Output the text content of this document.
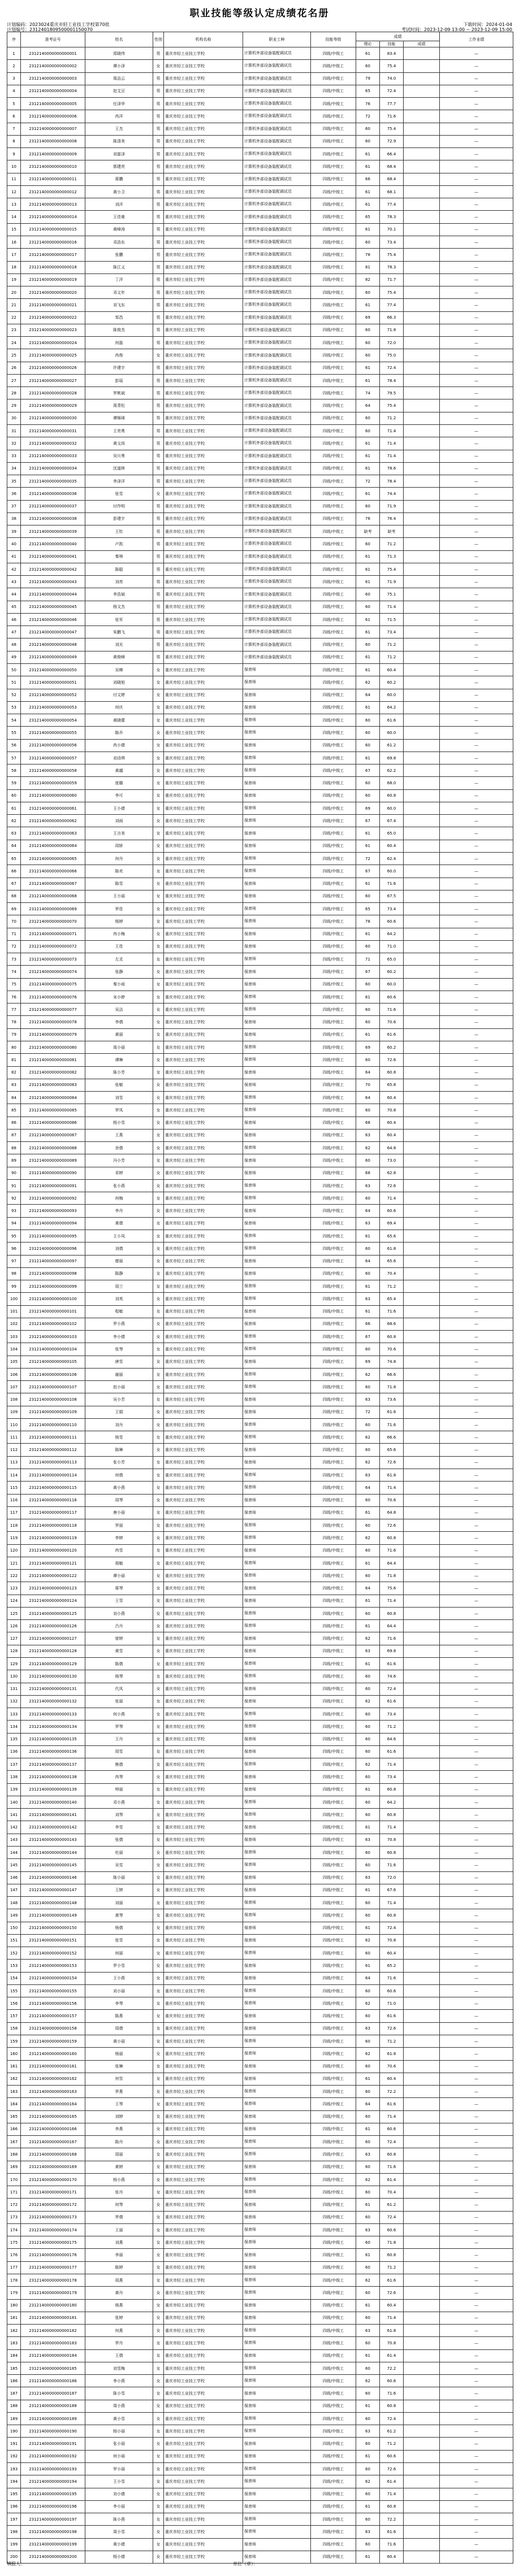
职业技能等级认定成绩花名册
计划编码：2023024重庆市轻工业技工学校第70批	下载时间：2024-01-04
计划编号：2312401809500001150070	考试时间：2023-12-09 13:00 ~ 2023-12-09 15:00
序	准考证号	姓名	性别	机构名称	职业工种	技能等级	成绩			工作业绩
							理论	技能	成绩	
1	2312140000000000001	郑晓伟	男	重庆市轻工业技工学校	计算机外部设备装配调试员	四级/中级工	61	83.4		—
2	2312140000000000002	谭小泽	女	重庆市轻工业技工学校	计算机外部设备装配调试员	四级/中级工	60	75.4		—
3	2312140000000000003	周品云	男	重庆市轻工业技工学校	计算机外部设备装配调试员	四级/中级工	79	74.0		—
4	2312140000000000004	赵艾豆	男	重庆市轻工业技工学校	计算机外部设备装配调试员	四级/中级工	65	72.4		—
5	2312140000000000005	任泽华	男	重庆市轻工业技工学校	计算机外部设备装配调试员	四级/中级工	76	77.7		—
6	2312140000000000006	冉洋	男	重庆市轻工业技工学校	计算机外部设备装配调试员	四级/中级工	72	71.6		—
7	2312140000000000007	王杰	男	重庆市轻工业技工学校	计算机外部设备装配调试员	四级/中级工	60	75.4		—
8	2312140000000000008	陈清美	男	重庆市轻工业技工学校	计算机外部设备装配调试员	四级/中级工	60	72.9		—
9	2312140000000000009	刘富泽	男	重庆市轻工业技工学校	计算机外部设备装配调试员	四级/中级工	61	66.4		—
10	2312140000000000010	郭建亮	男	重庆市轻工业技工学校	计算机外部设备装配调试员	四级/中级工	61	68.4		—
11	2312140000000000011	蒋鹏	男	重庆市轻工业技工学校	计算机外部设备装配调试员	四级/中级工	66	68.4		—
12	2312140000000000012	黄小卫	男	重庆市轻工业技工学校	计算机外部设备装配调试员	四级/中级工	61	68.1		—
13	2312140000000000013	刘洋	男	重庆市轻工业技工学校	计算机外部设备装配调试员	四级/中级工	61	77.4		—
14	2312140000000000014	王佳豪	男	重庆市轻工业技工学校	计算机外部设备装配调试员	四级/中级工	65	78.3		—
15	2312140000000000015	黄峰涛	男	重庆市轻工业技工学校	计算机外部设备装配调试员	四级/中级工	61	70.1		—
16	2312140000000000016	邓浩东	男	重庆市轻工业技工学校	计算机外部设备装配调试员	四级/中级工	60	73.4		—
17	2312140000000000017	张鹏	男	重庆市轻工业技工学校	计算机外部设备装配调试员	四级/中级工	78	75.4		—
18	2312140000000000018	陈江义	男	重庆市轻工业技工学校	计算机外部设备装配调试员	四级/中级工	81	78.3		—
19	2312140000000000019	丁洋	男	重庆市轻工业技工学校	计算机外部设备装配调试员	四级/中级工	82	71.7		—
20	2312140000000000020	邓文年	男	重庆市轻工业技工学校	计算机外部设备装配调试员	四级/中级工	60	75.4		—
21	2312140000000000021	刘飞东	男	重庆市轻工业技工学校	计算机外部设备装配调试员	四级/中级工	61	77.4		—
22	2312140000000000022	邹昌	男	重庆市轻工业技工学校	计算机外部设备装配调试员	四级/中级工	69	66.3		—
23	2312140000000000023	陈俊杰	男	重庆市轻工业技工学校	计算机外部设备装配调试员	四级/中级工	60	71.8		—
24	2312140000000000024	何磊	男	重庆市轻工业技工学校	计算机外部设备装配调试员	四级/中级工	60	72.0		—
25	2312140000000000025	冉俊	女	重庆市轻工业技工学校	计算机外部设备装配调试员	四级/中级工	60	75.0		—
26	2312140000000000026	许建宇	男	重庆市轻工业技工学校	计算机外部设备装配调试员	四级/中级工	61	72.4		—
27	2312140000000000027	彭瑶	男	重庆市轻工业技工学校	计算机外部设备装配调试员	四级/中级工	61	78.4		—
28	2312140000000000028	罗桃斌	男	重庆市轻工业技工学校	计算机外部设备装配调试员	四级/中级工	74	79.5		—
29	2312140000000000029	周青松	男	重庆市轻工业技工学校	计算机外部设备装配调试员	四级/中级工	64	75.4		—
30	2312140000000000030	谭锦琦	男	重庆市轻工业技工学校	计算机外部设备装配调试员	四级/中级工	60	71.2		—
31	2312140000000000031	王亮勇	男	重庆市轻工业技工学校	计算机外部设备装配调试员	四级/中级工	60	71.4		—
32	2312140000000000032	黄文尚	男	重庆市轻工业技工学校	计算机外部设备装配调试员	四级/中级工	61	71.4		—
33	2312140000000000033	吴川勇	男	重庆市轻工业技工学校	计算机外部设备装配调试员	四级/中级工	61	71.4		—
34	2312140000000000034	沈道林	男	重庆市轻工业技工学校	计算机外部设备装配调试员	四级/中级工	61	78.6		—
35	2312140000000000035	李泽洋	男	重庆市轻工业技工学校	计算机外部设备装配调试员	四级/中级工	72	78.4		—
36	2312140000000000036	张雪	女	重庆市轻工业技工学校	计算机外部设备装配调试员	四级/中级工	61	74.4		—
37	2312140000000000037	付作明	男	重庆市轻工业技工学校	计算机外部设备装配调试员	四级/中级工	60	71.9		—
38	2312140000000000038	彭建宇	男	重庆市轻工业技工学校	计算机外部设备装配调试员	四级/中级工	76	76.4		—
39	2312140000000000039	王钦	男	重庆市轻工业技工学校	计算机外部设备装配调试员	四级/中级工	缺考	缺考		—
40	2312140000000000040	卢凯	男	重庆市轻工业技工学校	计算机外部设备装配调试员	四级/中级工	60	71.2		—
41	2312140000000000041	秦林	男	重庆市轻工业技工学校	计算机外部设备装配调试员	四级/中级工	61	71.3		—
42	2312140000000000042	陈聪	男	重庆市轻工业技工学校	计算机外部设备装配调试员	四级/中级工	61	75.4		—
43	2312140000000000043	刘亮	男	重庆市轻工业技工学校	计算机外部设备装配调试员	四级/中级工	61	71.9		—
44	2312140000000000044	李浩斌	男	重庆市轻工业技工学校	计算机外部设备装配调试员	四级/中级工	60	75.1		—
45	2312140000000000045	杨文杰	男	重庆市轻工业技工学校	计算机外部设备装配调试员	四级/中级工	60	71.4		—
46	2312140000000000046	张军	男	重庆市轻工业技工学校	计算机外部设备装配调试员	四级/中级工	61	71.5		—
47	2312140000000000047	朱鹏飞	男	重庆市轻工业技工学校	计算机外部设备装配调试员	四级/中级工	61	73.4		—
48	2312140000000000048	刘光	男	重庆市轻工业技工学校	计算机外部设备装配调试员	四级/中级工	60	71.2		—
49	2312140000000000049	黄俊峰	男	重庆市轻工业技工学校	计算机外部设备装配调试员	四级/中级工	61	71.2		—
50	2312140000000000050	吴柳	女	重庆市轻工业技工学校	保育师	四级/中级工	61	60.4		—
51	2312140000000000051	刘晓旭	女	重庆市轻工业技工学校	保育师	四级/中级工	62	60.2		—
52	2312140000000000052	付文婷	女	重庆市轻工业技工学校	保育师	四级/中级工	64	60.0		—
53	2312140000000000053	何庆	女	重庆市轻工业技工学校	保育师	四级/中级工	61	64.2		—
54	2312140000000000054	黄晓蕾	女	重庆市轻工业技工学校	保育师	四级/中级工	60	61.6		—
55	2312140000000000055	陈乔	女	重庆市轻工业技工学校	保育师	四级/中级工	60	60.0		—
56	2312140000000000056	冉小倩	女	重庆市轻工业技工学校	保育师	四级/中级工	60	61.2		—
57	2312140000000000057	刘诗琪	女	重庆市轻工业技工学校	保育师	四级/中级工	61	69.8		—
58	2312140000000000058	黄越	女	重庆市轻工业技工学校	保育师	四级/中级工	67	62.2		—
59	2312140000000000059	庞璐	女	重庆市轻工业技工学校	保育师	四级/中级工	60	68.0		—
60	2312140000000000060	李可	女	重庆市轻工业技工学校	保育师	四级/中级工	60	60.8		—
61	2312140000000000061	王小倩	女	重庆市轻工业技工学校	保育师	四级/中级工	69	60.0		—
62	2312140000000000062	刘雨	女	重庆市轻工业技工学校	保育师	四级/中级工	67	67.4		—
63	2312140000000000063	王言美	女	重庆市轻工业技工学校	保育师	四级/中级工	61	65.0		—
64	2312140000000000064	周娇	女	重庆市轻工业技工学校	保育师	四级/中级工	61	60.4		—
65	2312140000000000065	何丹	女	重庆市轻工业技工学校	保育师	四级/中级工	72	62.4		—
66	2312140000000000066	陈欢	女	重庆市轻工业技工学校	保育师	四级/中级工	67	60.0		—
67	2312140000000000067	陈雪	女	重庆市轻工业技工学校	保育师	四级/中级工	61	71.6		—
68	2312140000000000068	王小丽	女	重庆市轻工业技工学校	保育师	四级/中级工	60	67.5		—
69	2312140000000000069	罗佳	女	重庆市轻工业技工学校	保育师	四级/中级工	65	73.4		—
70	2312140000000000070	杨婷	女	重庆市轻工业技工学校	保育师	四级/中级工	78	60.6		—
71	2312140000000000071	冉小梅	女	重庆市轻工业技工学校	保育师	四级/中级工	61	64.2		—
72	2312140000000000072	王佳	女	重庆市轻工业技工学校	保育师	四级/中级工	60	71.0		—
73	2312140000000000073	左灵	女	重庆市轻工业技工学校	保育师	四级/中级工	71	65.0		—
74	2312140000000000074	张静	女	重庆市轻工业技工学校	保育师	四级/中级工	67	60.2		—
75	2312140000000000075	秦小雨	女	重庆市轻工业技工学校	保育师	四级/中级工	60	60.0		—
76	2312140000000000076	宋小婷	女	重庆市轻工业技工学校	保育师	四级/中级工	61	60.6		—
77	2312140000000000077	吴洁	女	重庆市轻工业技工学校	保育师	四级/中级工	60	71.6		—
78	2312140000000000078	李倩	女	重庆市轻工业技工学校	保育师	四级/中级工	60	70.6		—
79	2312140000000000079	黄丽	女	重庆市轻工业技工学校	保育师	四级/中级工	61	61.6		—
80	2312140000000000080	周小丽	女	重庆市轻工业技工学校	保育师	四级/中级工	69	60.2		—
81	2312140000000000081	谭琳	女	重庆市轻工业技工学校	保育师	四级/中级工	60	72.6		—
82	2312140000000000082	陈小芳	女	重庆市轻工业技工学校	保育师	四级/中级工	64	60.8		—
83	2312140000000000083	张敏	女	重庆市轻工业技工学校	保育师	四级/中级工	70	65.8		—
84	2312140000000000084	刘雪	女	重庆市轻工业技工学校	保育师	四级/中级工	64	60.4		—
85	2312140000000000085	罗凤	女	重庆市轻工业技工学校	保育师	四级/中级工	60	70.8		—
86	2312140000000000086	杨小雪	女	重庆市轻工业技工学校	保育师	四级/中级工	68	60.4		—
87	2312140000000000087	王燕	女	重庆市轻工业技工学校	保育师	四级/中级工	63	60.4		—
88	2312140000000000088	余倩	女	重庆市轻工业技工学校	保育师	四级/中级工	62	64.8		—
89	2312140000000000089	冯小芳	女	重庆市轻工业技工学校	保育师	四级/中级工	60	73.0		—
90	2312140000000000090	邓婷	女	重庆市轻工业技工学校	保育师	四级/中级工	68	62.8		—
91	2312140000000000091	张小燕	女	重庆市轻工业技工学校	保育师	四级/中级工	63	72.6		—
92	2312140000000000092	何梅	女	重庆市轻工业技工学校	保育师	四级/中级工	60	71.4		—
93	2312140000000000093	李丹	女	重庆市轻工业技工学校	保育师	四级/中级工	64	60.6		—
94	2312140000000000094	黄倩	女	重庆市轻工业技工学校	保育师	四级/中级工	63	69.4		—
95	2312140000000000095	王小凤	女	重庆市轻工业技工学校	保育师	四级/中级工	61	65.6		—
96	2312140000000000096	刘倩	女	重庆市轻工业技工学校	保育师	四级/中级工	60	61.8		—
97	2312140000000000097	廖丽	女	重庆市轻工业技工学校	保育师	四级/中级工	64	65.6		—
98	2312140000000000098	陈静	女	重庆市轻工业技工学校	保育师	四级/中级工	60	70.4		—
99	2312140000000000099	周兰	女	重庆市轻工业技工学校	保育师	四级/中级工	61	71.2		—
100	2312140000000000100	刘英	女	重庆市轻工业技工学校	保育师	四级/中级工	63	65.4		—
101	2312140000000000101	程敏	女	重庆市轻工业技工学校	保育师	四级/中级工	61	71.6		—
102	2312140000000000102	罗小燕	女	重庆市轻工业技工学校	保育师	四级/中级工	66	68.6		—
103	2312140000000000103	李小倩	女	重庆市轻工业技工学校	保育师	四级/中级工	67	60.8		—
104	2312140000000000104	张琴	女	重庆市轻工业技工学校	保育师	四级/中级工	60	70.6		—
105	2312140000000000105	唐雪	女	重庆市轻工业技工学校	保育师	四级/中级工	69	74.8		—
106	2312140000000000106	谢丽	女	重庆市轻工业技工学校	保育师	四级/中级工	62	66.6		—
107	2312140000000000107	赵小丽	女	重庆市轻工业技工学校	保育师	四级/中级工	60	71.8		—
108	2312140000000000108	吴小芳	女	重庆市轻工业技工学校	保育师	四级/中级工	63	73.6		—
109	2312140000000000109	王娟	女	重庆市轻工业技工学校	保育师	四级/中级工	72	61.6		—
110	2312140000000000110	刘丹	女	重庆市轻工业技工学校	保育师	四级/中级工	60	71.6		—
111	2312140000000000111	杨雪	女	重庆市轻工业技工学校	保育师	四级/中级工	62	66.6		—
112	2312140000000000112	陈琳	女	重庆市轻工业技工学校	保育师	四级/中级工	60	65.6		—
113	2312140000000000113	张小芳	女	重庆市轻工业技工学校	保育师	四级/中级工	62	72.6		—
114	2312140000000000114	何倩	女	重庆市轻工业技工学校	保育师	四级/中级工	63	61.8		—
115	2312140000000000115	黄小燕	女	重庆市轻工业技工学校	保育师	四级/中级工	64	71.4		—
116	2312140000000000116	周琴	女	重庆市轻工业技工学校	保育师	四级/中级工	60	70.6		—
117	2312140000000000117	唐小丽	女	重庆市轻工业技工学校	保育师	四级/中级工	61	64.8		—
118	2312140000000000118	罗丽	女	重庆市轻工业技工学校	保育师	四级/中级工	60	72.6		—
119	2312140000000000119	李婷	女	重庆市轻工业技工学校	保育师	四级/中级工	62	60.8		—
120	2312140000000000120	冉雪	女	重庆市轻工业技工学校	保育师	四级/中级工	60	71.6		—
121	2312140000000000121	胡敏	女	重庆市轻工业技工学校	保育师	四级/中级工	61	64.4		—
122	2312140000000000122	谭小丽	女	重庆市轻工业技工学校	保育师	四级/中级工	60	71.8		—
123	2312140000000000123	蒋琴	女	重庆市轻工业技工学校	保育师	四级/中级工	64	75.6		—
124	2312140000000000124	王雪	女	重庆市轻工业技工学校	保育师	四级/中级工	61	71.4		—
125	2312140000000000125	刘小燕	女	重庆市轻工业技工学校	保育师	四级/中级工	60	60.8		—
126	2312140000000000126	吕丹	女	重庆市轻工业技工学校	保育师	四级/中级工	61	64.4		—
127	2312140000000000127	曾婷	女	重庆市轻工业技工学校	保育师	四级/中级工	62	71.6		—
128	2312140000000000128	黄雪	女	重庆市轻工业技工学校	保育师	四级/中级工	63	69.8		—
129	2312140000000000129	陈倩	女	重庆市轻工业技工学校	保育师	四级/中级工	61	61.6		—
130	2312140000000000130	杨琴	女	重庆市轻工业技工学校	保育师	四级/中级工	60	74.6		—
131	2312140000000000131	代凤	女	重庆市轻工业技工学校	保育师	四级/中级工	60	72.4		—
132	2312140000000000132	张丽	女	重庆市轻工业技工学校	保育师	四级/中级工	62	61.6		—
133	2312140000000000133	何小燕	女	重庆市轻工业技工学校	保育师	四级/中级工	60	73.4		—
134	2312140000000000134	罗琴	女	重庆市轻工业技工学校	保育师	四级/中级工	60	71.2		—
135	2312140000000000135	王丹	女	重庆市轻工业技工学校	保育师	四级/中级工	60	64.6		—
136	2312140000000000136	周雪	女	重庆市轻工业技工学校	保育师	四级/中级工	60	61.6		—
137	2312140000000000137	熊倩	女	重庆市轻工业技工学校	保育师	四级/中级工	62	71.4		—
138	2312140000000000138	冉琴	女	重庆市轻工业技工学校	保育师	四级/中级工	60	73.4		—
139	2312140000000000139	钟丽	女	重庆市轻工业技工学校	保育师	四级/中级工	61	60.8		—
140	2312140000000000140	邓小燕	女	重庆市轻工业技工学校	保育师	四级/中级工	60	64.2		—
141	2312140000000000141	刘琴	女	重庆市轻工业技工学校	保育师	四级/中级工	60	60.8		—
142	2312140000000000142	李雪	女	重庆市轻工业技工学校	保育师	四级/中级工	61	71.4		—
143	2312140000000000143	张倩	女	重庆市轻工业技工学校	保育师	四级/中级工	63	70.8		—
144	2312140000000000144	杜丽	女	重庆市轻工业技工学校	保育师	四级/中级工	60	60.8		—
145	2312140000000000145	吴雪	女	重庆市轻工业技工学校	保育师	四级/中级工	60	71.6		—
146	2312140000000000146	陈小丽	女	重庆市轻工业技工学校	保育师	四级/中级工	63	72.0		—
147	2312140000000000147	王婷	女	重庆市轻工业技工学校	保育师	四级/中级工	61	67.6		—
148	2312140000000000148	刘丽	女	重庆市轻工业技工学校	保育师	四级/中级工	60	71.4		—
149	2312140000000000149	黄琴	女	重庆市轻工业技工学校	保育师	四级/中级工	60	60.8		—
150	2312140000000000150	杨倩	女	重庆市轻工业技工学校	保育师	四级/中级工	61	72.4		—
151	2312140000000000151	张雪	女	重庆市轻工业技工学校	保育师	四级/中级工	62	70.8		—
152	2312140000000000152	何丽	女	重庆市轻工业技工学校	保育师	四级/中级工	60	60.4		—
153	2312140000000000153	罗小雪	女	重庆市轻工业技工学校	保育师	四级/中级工	61	65.2		—
154	2312140000000000154	王小燕	女	重庆市轻工业技工学校	保育师	四级/中级工	64	71.6		—
155	2312140000000000155	刘小丽	女	重庆市轻工业技工学校	保育师	四级/中级工	60	60.6		—
156	2312140000000000156	李琴	女	重庆市轻工业技工学校	保育师	四级/中级工	62	71.0		—
157	2312140000000000157	陈燕	女	重庆市轻工业技工学校	保育师	四级/中级工	60	61.6		—
158	2312140000000000158	周倩	女	重庆市轻工业技工学校	保育师	四级/中级工	63	72.6		—
159	2312140000000000159	黄小丽	女	重庆市轻工业技工学校	保育师	四级/中级工	60	71.2		—
160	2312140000000000160	杨丽	女	重庆市轻工业技工学校	保育师	四级/中级工	62	61.8		—
161	2312140000000000161	张琳	女	重庆市轻工业技工学校	保育师	四级/中级工	60	70.6		—
162	2312140000000000162	何雪	女	重庆市轻工业技工学校	保育师	四级/中级工	61	60.4		—
163	2312140000000000163	罗燕	女	重庆市轻工业技工学校	保育师	四级/中级工	60	72.2		—
164	2312140000000000164	王琴	女	重庆市轻工业技工学校	保育师	四级/中级工	64	61.6		—
165	2312140000000000165	刘婷	女	重庆市轻工业技工学校	保育师	四级/中级工	60	71.4		—
166	2312140000000000166	李燕	女	重庆市轻工业技工学校	保育师	四级/中级工	61	60.6		—
167	2312140000000000167	陈丹	女	重庆市轻工业技工学校	保育师	四级/中级工	60	72.4		—
168	2312140000000000168	周丽	女	重庆市轻工业技工学校	保育师	四级/中级工	63	60.8		—
169	2312140000000000169	黄婷	女	重庆市轻工业技工学校	保育师	四级/中级工	60	71.6		—
170	2312140000000000170	杨小燕	女	重庆市轻工业技工学校	保育师	四级/中级工	62	61.4		—
171	2312140000000000171	张丹	女	重庆市轻工业技工学校	保育师	四级/中级工	60	70.4		—
172	2312140000000000172	何琴	女	重庆市轻工业技工学校	保育师	四级/中级工	61	61.2		—
173	2312140000000000173	罗倩	女	重庆市轻工业技工学校	保育师	四级/中级工	60	72.4		—
174	2312140000000000174	王丽	女	重庆市轻工业技工学校	保育师	四级/中级工	63	60.6		—
175	2312140000000000175	刘燕	女	重庆市轻工业技工学校	保育师	四级/中级工	60	71.8		—
176	2312140000000000176	李丽	女	重庆市轻工业技工学校	保育师	四级/中级工	61	60.8		—
177	2312140000000000177	陈婷	女	重庆市轻工业技工学校	保育师	四级/中级工	60	71.2		—
178	2312140000000000178	周燕	女	重庆市轻工业技工学校	保育师	四级/中级工	62	61.6		—
179	2312140000000000179	黄丹	女	重庆市轻工业技工学校	保育师	四级/中级工	60	72.6		—
180	2312140000000000180	杨燕	女	重庆市轻工业技工学校	保育师	四级/中级工	61	60.4		—
181	2312140000000000181	张婷	女	重庆市轻工业技工学校	保育师	四级/中级工	60	71.4		—
182	2312140000000000182	何燕	女	重庆市轻工业技工学校	保育师	四级/中级工	63	61.8		—
183	2312140000000000183	罗丹	女	重庆市轻工业技工学校	保育师	四级/中级工	60	70.8		—
184	2312140000000000184	王倩	女	重庆市轻工业技工学校	保育师	四级/中级工	61	61.4		—
185	2312140000000000185	刘雪梅	女	重庆市轻工业技工学校	保育师	四级/中级工	60	72.2		—
186	2312140000000000186	李小燕	女	重庆市轻工业技工学校	保育师	四级/中级工	62	60.6		—
187	2312140000000000187	陈小雪	女	重庆市轻工业技工学校	保育师	四级/中级工	60	71.6		—
188	2312140000000000188	周小燕	女	重庆市轻工业技工学校	保育师	四级/中级工	61	60.8		—
189	2312140000000000189	黄小雪	女	重庆市轻工业技工学校	保育师	四级/中级工	60	72.4		—
190	2312140000000000190	杨小丽	女	重庆市轻工业技工学校	保育师	四级/中级工	63	61.2		—
191	2312140000000000191	张小丽	女	重庆市轻工业技工学校	保育师	四级/中级工	60	71.2		—
192	2312140000000000192	何小丽	女	重庆市轻工业技工学校	保育师	四级/中级工	61	60.6		—
193	2312140000000000193	罗小丽	女	重庆市轻工业技工学校	保育师	四级/中级工	60	72.6		—
194	2312140000000000194	王小雪	女	重庆市轻工业技工学校	保育师	四级/中级工	62	61.4		—
195	2312140000000000195	刘小倩	女	重庆市轻工业技工学校	保育师	四级/中级工	60	71.4		—
196	2312140000000000196	李小丽	女	重庆市轻工业技工学校	保育师	四级/中级工	61	60.8		—
197	2312140000000000197	陈小燕	女	重庆市轻工业技工学校	保育师	四级/中级工	60	72.2		—
198	2312140000000000198	周小雪	女	重庆市轻工业技工学校	保育师	四级/中级工	63	61.6		—
199	2312140000000000199	黄小倩	女	重庆市轻工业技工学校	保育师	四级/中级工	60	71.6		—
200	2312140000000000200	杨小倩	女	重庆市轻工业技工学校	保育师	四级/中级工	61	60.4		—
填报人：	单位（章）：
